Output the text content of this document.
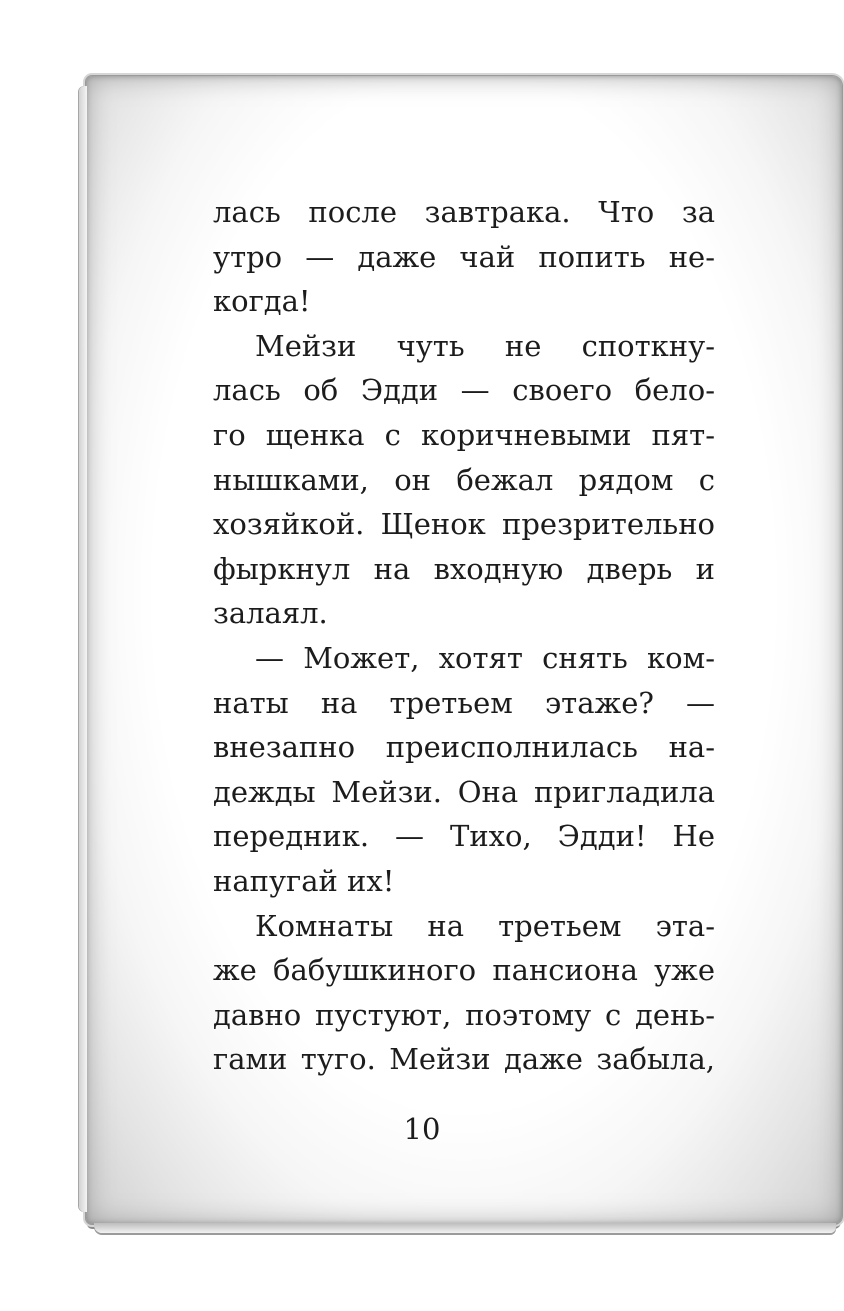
лась после завтрака. Что за
утро — даже чай попить не-
когда!
Мейзи чуть не споткну-
лась об Эдди — своего бело-
го щенка с коричневыми пят-
нышками, он бежал рядом с
хозяйкой. Щенок презрительно
фыркнул на входную дверь и
залаял.
— Может, хотят снять ком-
наты на третьем этаже? —
внезапно преисполнилась на-
дежды Мейзи. Она пригладила
передник. — Тихо, Эдди! Не
напугай их!
Комнаты на третьем эта-
же бабушкиного пансиона уже
давно пустуют, поэтому с день-
гами туго. Мейзи даже забыла,
10
